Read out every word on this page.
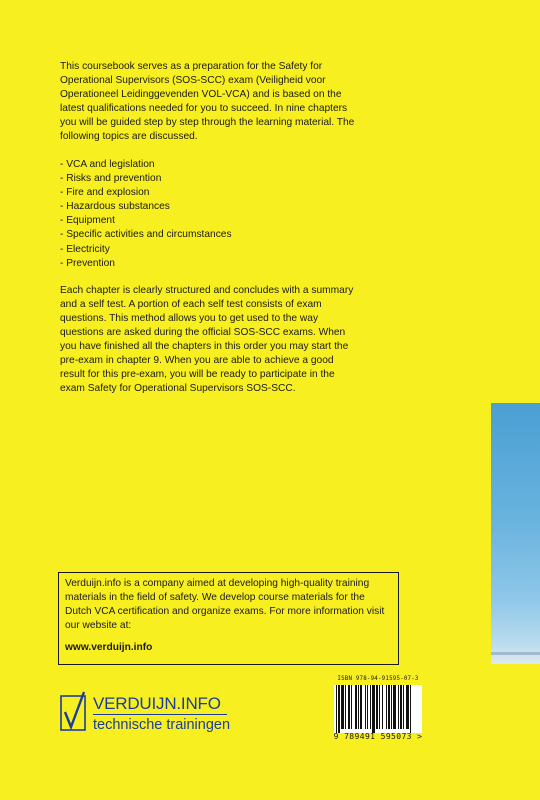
This coursebook serves as a preparation for the Safety for Operational Supervisors (SOS-SCC) exam (Veiligheid voor Operationeel Leidinggevenden VOL-VCA) and is based on the latest qualifications needed for you to succeed. In nine chapters you will be guided step by step through the learning material. The following topics are discussed.

- VCA and legislation
- Risks and prevention
- Fire and explosion
- Hazardous substances
- Equipment
- Specific activities and circumstances
- Electricity
- Prevention

Each chapter is clearly structured and concludes with a summary and a self test. A portion of each self test consists of exam questions. This method allows you to get used to the way questions are asked during the official SOS-SCC exams. When you have finished all the chapters in this order you may start the pre-exam in chapter 9. When you are able to achieve a good result for this pre-exam, you will be ready to participate in the exam Safety for Operational Supervisors SOS-SCC.

Verduijn.info is a company aimed at developing high-quality training materials in the field of safety. We develop course materials for the Dutch VCA certification and organize exams. For more information visit our website at:

www.verduijn.info
VERDUIJN.INFO
technische trainingen
ISBN 978-94-91595-07-3
9 789491 595073 >
